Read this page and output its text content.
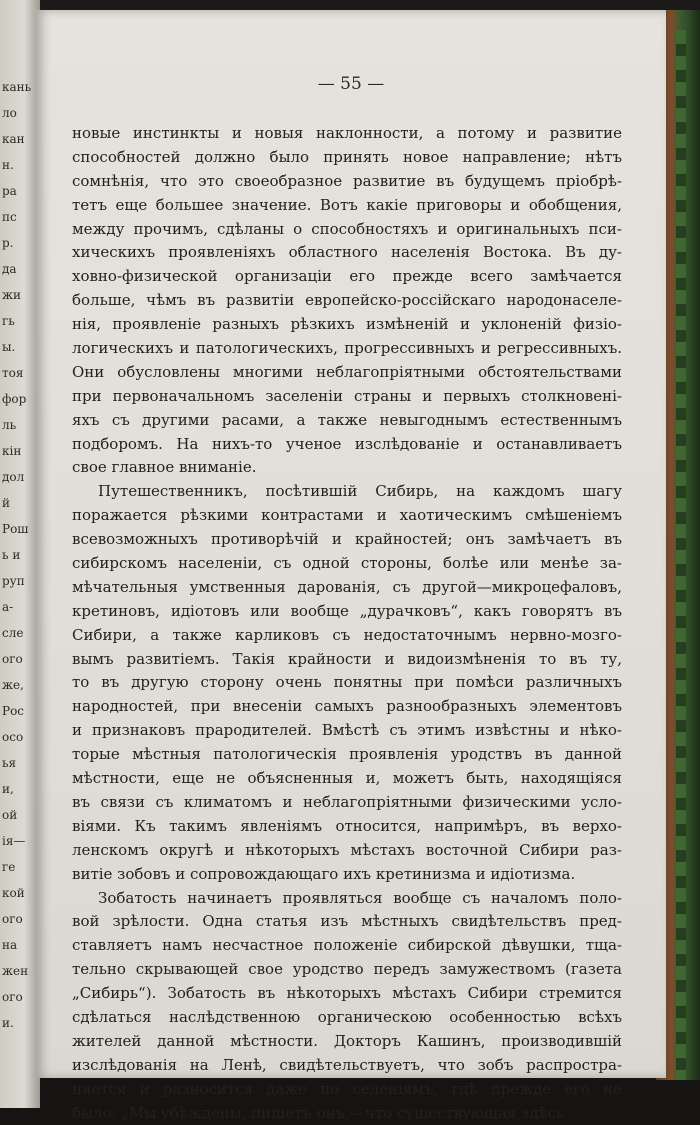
кань
ло
кан
н.
ра
пс
р.
да
жи
гь
ы.
тоя
фор
ль
кін
дол
й
Рош
ь и
руп
а-
сле
ого
же,
Рос
осо
ья
и,
ой
ія—
ге
кой
ого
на
жен
ого
и.
— 55 —
новые инстинкты и новыя наклонности, а потому и развитие
способностей должно было принять новое направление; нѣтъ
сомнѣнія, что это своеобразное развитие въ будущемъ пріобрѣ-
тетъ еще большее значение. Вотъ какіе приговоры и обобщения,
между прочимъ, сдѣланы о способностяхъ и оригинальныхъ пси-
хическихъ проявленіяхъ областного населенія Востока. Въ ду-
ховно-физической организаціи его прежде всего замѣчается
больше, чѣмъ въ развитіи европейско-россійскаго народонаселе-
нія, проявленіе разныхъ рѣзкихъ измѣненій и уклоненій физіо-
логическихъ и патологическихъ, прогрессивныхъ и регрессивныхъ.
Они обусловлены многими неблагопріятными обстоятельствами
при первоначальномъ заселеніи страны и первыхъ столкновені-
яхъ съ другими расами, а также невыгоднымъ естественнымъ
подборомъ. На нихъ-то ученое изслѣдованіе и останавливаетъ
свое главное вниманіе.
Путешественникъ, посѣтившій Сибирь, на каждомъ шагу
поражается рѣзкими контрастами и хаотическимъ смѣшеніемъ
всевозможныхъ противорѣчій и крайностей; онъ замѣчаетъ въ
сибирскомъ населеніи, съ одной стороны, болѣе или менѣе за-
мѣчательныя умственныя дарованія, съ другой—микроцефаловъ,
кретиновъ, идіотовъ или вообще „дурачковъ“, какъ говорятъ въ
Сибири, а также карликовъ съ недостаточнымъ нервно-мозго-
вымъ развитіемъ. Такія крайности и видоизмѣненія то въ ту,
то въ другую сторону очень понятны при помѣси различныхъ
народностей, при внесеніи самыхъ разнообразныхъ элементовъ
и признаковъ прародителей. Вмѣстѣ съ этимъ извѣстны и нѣко-
торые мѣстныя патологическія проявленія уродствъ въ данной
мѣстности, еще не объясненныя и, можетъ быть, находящіяся
въ связи съ климатомъ и неблагопріятными физическими усло-
віями. Къ такимъ явленіямъ относится, напримѣръ, въ верхо-
ленскомъ округѣ и нѣкоторыхъ мѣстахъ восточной Сибири раз-
витіе зобовъ и сопровождающаго ихъ кретинизма и идіотизма.
Зобатость начинаетъ проявляться вообще съ началомъ поло-
вой зрѣлости. Одна статья изъ мѣстныхъ свидѣтельствъ пред-
ставляетъ намъ несчастное положеніе сибирской дѣвушки, тща-
тельно скрывающей свое уродство передъ замужествомъ (газета
„Сибирь“). Зобатость въ нѣкоторыхъ мѣстахъ Сибири стремится
сдѣлаться наслѣдственною органическою особенностью всѣхъ
жителей данной мѣстности. Докторъ Кашинъ, производившій
изслѣдованія на Ленѣ, свидѣтельствуетъ, что зобъ распростра-
няется и разносится даже по селеніямъ, гдѣ прежде его не
было. „Мы убѣждены, пишетъ онъ,—что существующая здѣсь
